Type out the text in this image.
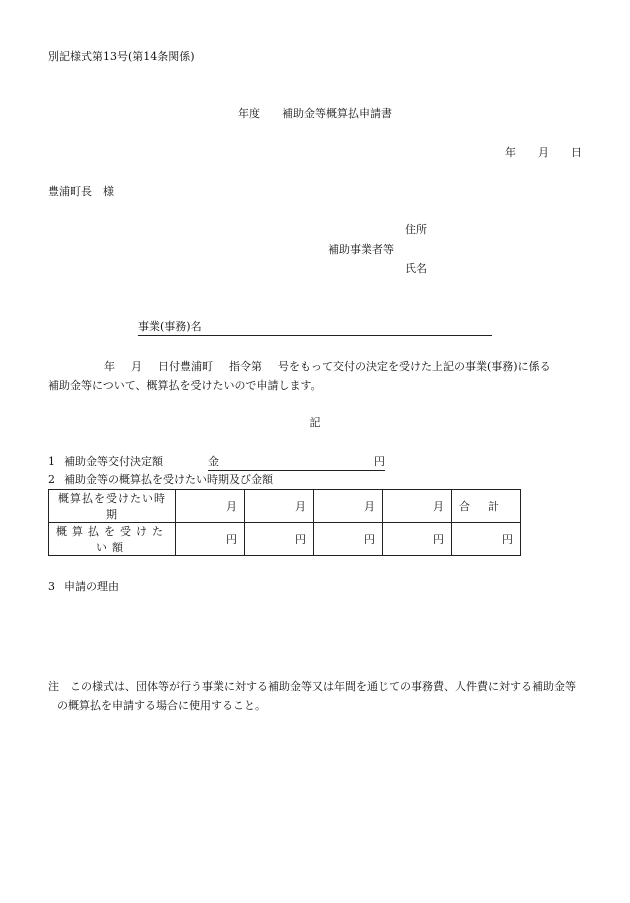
別記様式第13号(第14条関係)
年度 補助金等概算払申請書
年 月 日
豊浦町長　様
住所
補助事業者等
氏名
事業(事務)名
年 月 日付豊浦町 指令第 号をもって交付の決定を受けた上記の事業(事務)に係る
補助金等について、概算払を受けたいので申請します。
記
1 補助金等交付決定額	金	円
2 補助金等の概算払を受けたい時期及び金額
概算払を受けたい時期	月	月	月	月	合 計
概算払を受けたい額	円	円	円	円	円
3 申請の理由
注 この様式は、団体等が行う事業に対する補助金等又は年間を通じての事務費、人件費に対する補助金等
の概算払を申請する場合に使用すること。
